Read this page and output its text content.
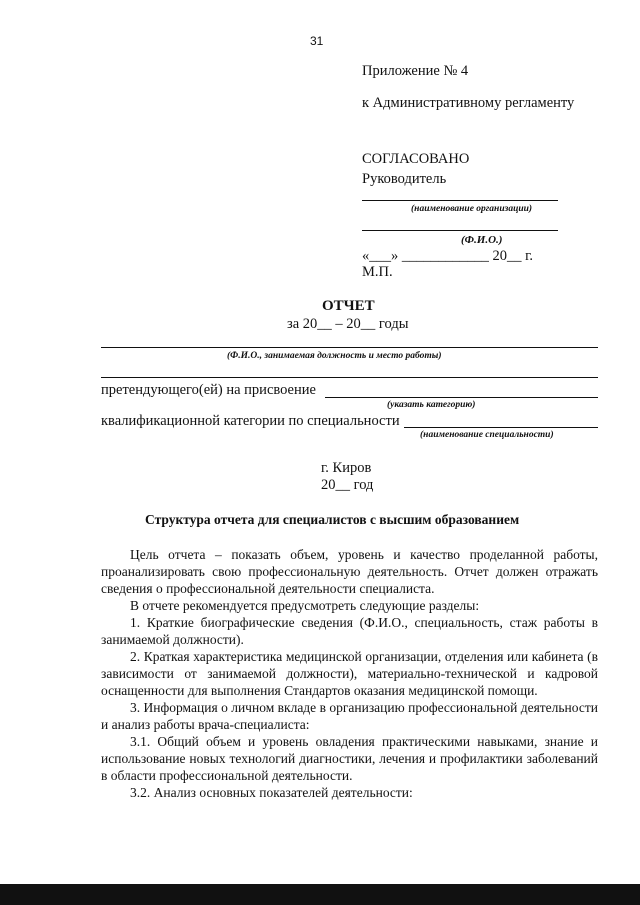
31
Приложение № 4
к Административному регламенту
СОГЛАСОВАНО
Руководитель
(наименование организации)
(Ф.И.О.)
«___» ____________ 20__ г.
М.П.
ОТЧЕТ
за 20__ – 20__ годы
(Ф.И.О., занимаемая должность и место работы)
претендующего(ей) на присвоение
(указать категорию)
квалификационной категории по специальности
(наименование специальности)
г. Киров
20__ год
Структура отчета для специалистов с высшим образованием

Цель отчета – показать объем, уровень и качество проделанной работы, проанализировать свою профессиональную деятельность. Отчет должен отражать сведения о профессиональной деятельности специалиста.

В отчете рекомендуется предусмотреть следующие разделы:

1. Краткие биографические сведения (Ф.И.О., специальность, стаж работы в занимаемой должности).

2. Краткая характеристика медицинской организации, отделения или кабинета (в зависимости от занимаемой должности), материально-технической и кадровой оснащенности для выполнения Стандартов оказания медицинской помощи.

3. Информация о личном вкладе в организацию профессиональной деятельности и анализ работы врача-специалиста:

3.1. Общий объем и уровень овладения практическими навыками, знание и использование новых технологий диагностики, лечения и профилактики заболеваний в области профессиональной деятельности.

3.2. Анализ основных показателей деятельности:
